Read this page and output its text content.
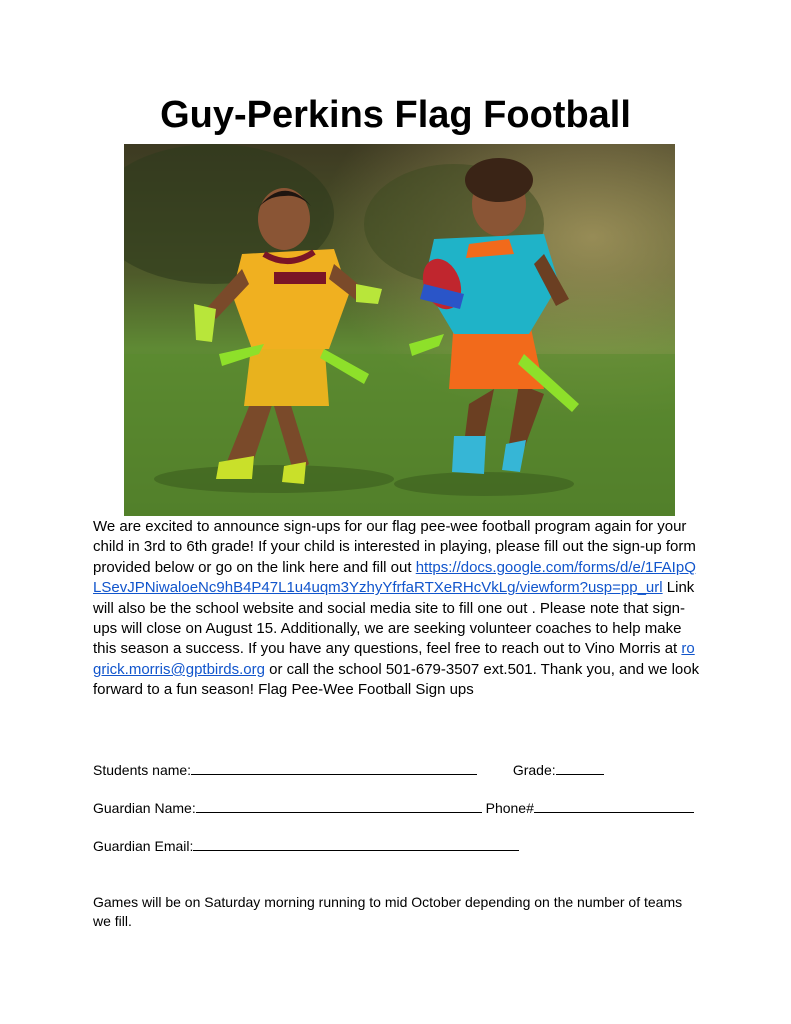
Guy-Perkins Flag Football
We are excited to announce sign-ups for our flag pee-wee football program again for your child in 3rd to 6th grade! If your child is interested in playing, please fill out the sign-up form provided below or go on the link here and fill out https://docs.google.com/forms/d/e/1FAIpQLSevJPNiwaloeNc9hB4P47L1u4uqm3YzhyYfrfaRTXeRHcVkLg/viewform?usp=pp_url Link will also be the school website and social media site to fill one out . Please note that sign-ups will close on August 15. Additionally, we are seeking volunteer coaches to help make this season a success. If you have any questions, feel free to reach out to Vino Morris at rogrick.morris@gptbirds.org or call the school 501-679-3507 ext.501. Thank you, and we look forward to a fun season! Flag Pee-Wee Football Sign ups
Students name:	Grade:
Guardian Name:	Phone#
Guardian Email:
Games will be on Saturday morning running to mid October depending on the number of teams we fill.
